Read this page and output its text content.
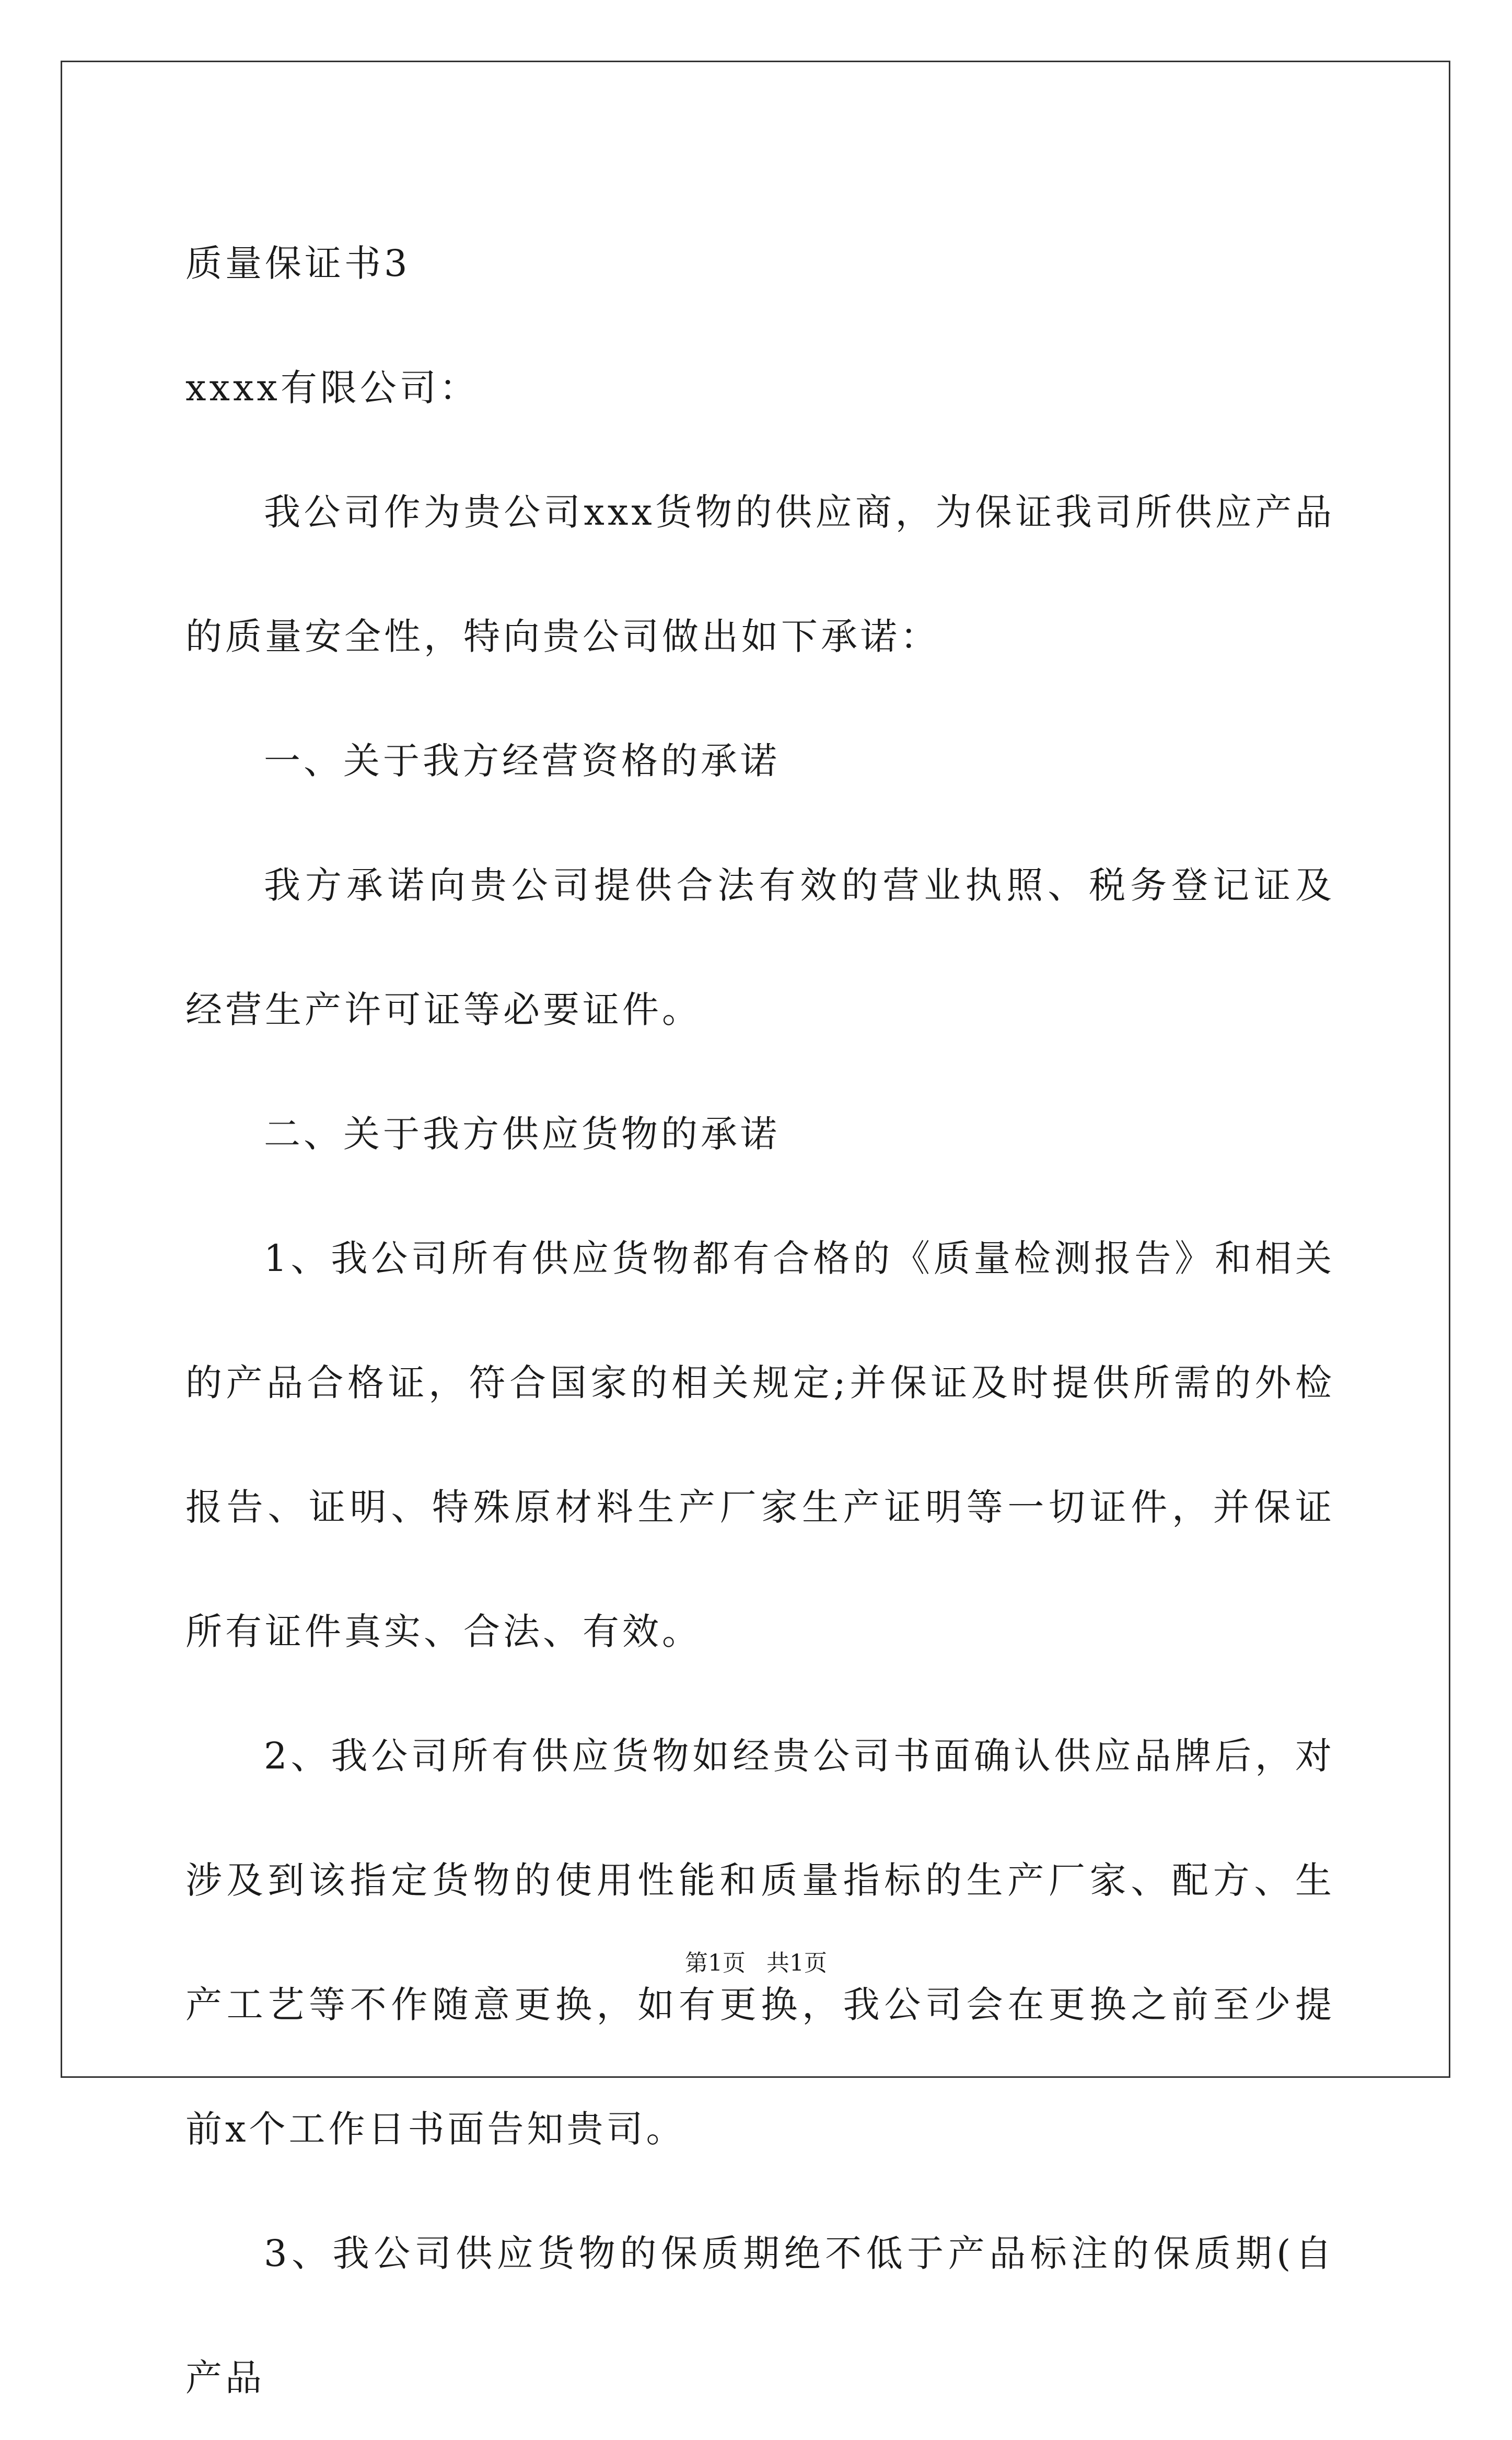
质量保证书3

xxxx有限公司：

我公司作为贵公司xxx货物的供应商，为保证我司所供应产品的质量安全性，特向贵公司做出如下承诺：

一、关于我方经营资格的承诺

我方承诺向贵公司提供合法有效的营业执照、税务登记证及经营生产许可证等必要证件。

二、关于我方供应货物的承诺

1、我公司所有供应货物都有合格的《质量检测报告》和相关的产品合格证，符合国家的相关规定;并保证及时提供所需的外检报告、证明、特殊原材料生产厂家生产证明等一切证件，并保证所有证件真实、合法、有效。

2、我公司所有供应货物如经贵公司书面确认供应品牌后，对涉及到该指定货物的使用性能和质量指标的生产厂家、配方、生产工艺等不作随意更换，如有更换，我公司会在更换之前至少提前x个工作日书面告知贵司。

3、我公司供应货物的保质期绝不低于产品标注的保质期(自产品

第1页 共1页
